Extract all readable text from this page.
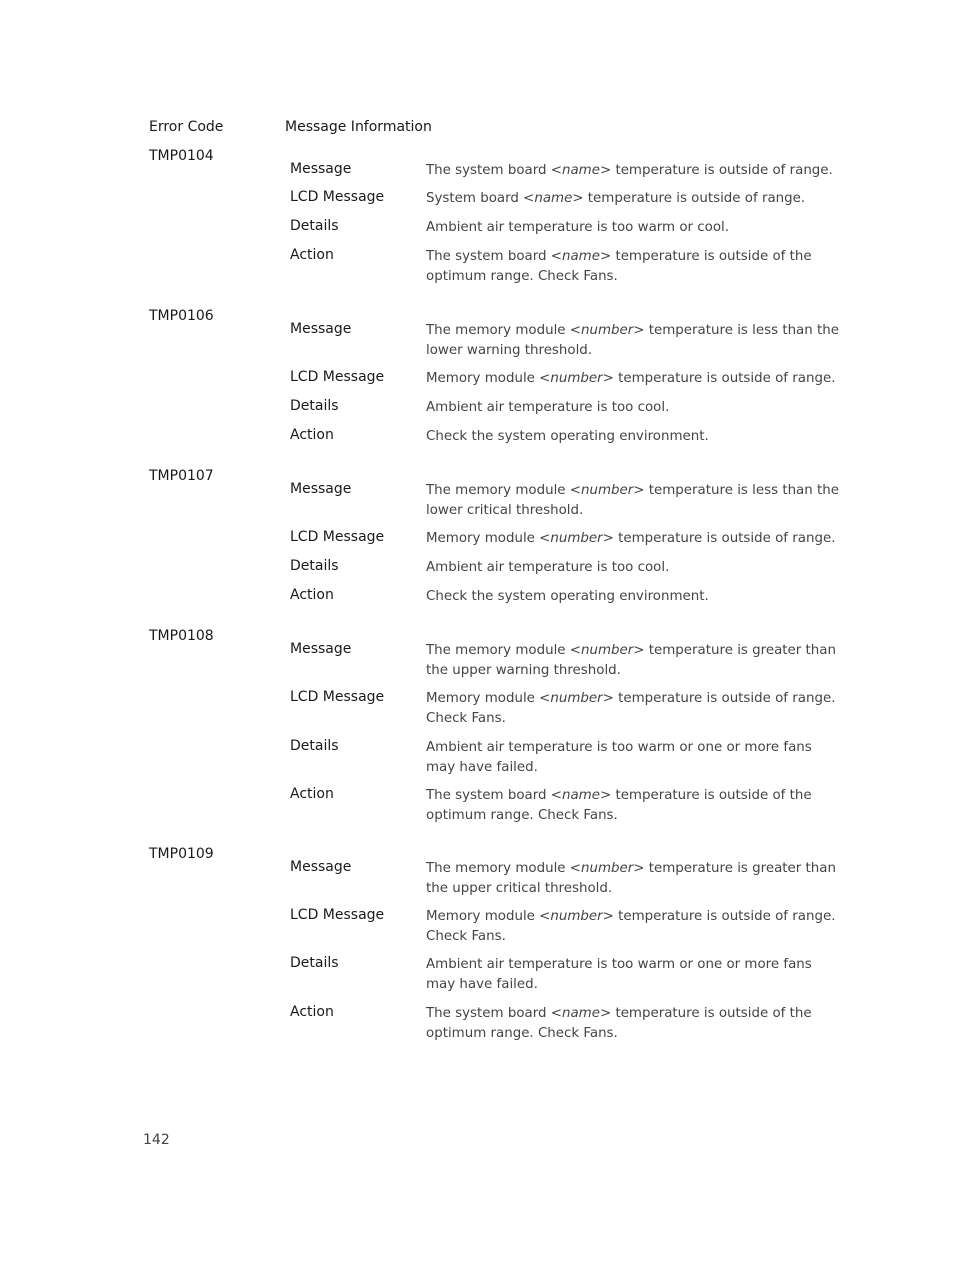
Error Code	Message Information
TMP0104
Message	The system board <name> temperature is outside of range.
LCD Message	System board <name> temperature is outside of range.
Details	Ambient air temperature is too warm or cool.
Action	The system board <name> temperature is outside of the
optimum range. Check Fans.
TMP0106
Message	The memory module <number> temperature is less than the
lower warning threshold.
LCD Message	Memory module <number> temperature is outside of range.
Details	Ambient air temperature is too cool.
Action	Check the system operating environment.
TMP0107
Message	The memory module <number> temperature is less than the
lower critical threshold.
LCD Message	Memory module <number> temperature is outside of range.
Details	Ambient air temperature is too cool.
Action	Check the system operating environment.
TMP0108
Message	The memory module <number> temperature is greater than
the upper warning threshold.
LCD Message	Memory module <number> temperature is outside of range.
Check Fans.
Details	Ambient air temperature is too warm or one or more fans
may have failed.
Action	The system board <name> temperature is outside of the
optimum range. Check Fans.
TMP0109
Message	The memory module <number> temperature is greater than
the upper critical threshold.
LCD Message	Memory module <number> temperature is outside of range.
Check Fans.
Details	Ambient air temperature is too warm or one or more fans
may have failed.
Action	The system board <name> temperature is outside of the
optimum range. Check Fans.
142
